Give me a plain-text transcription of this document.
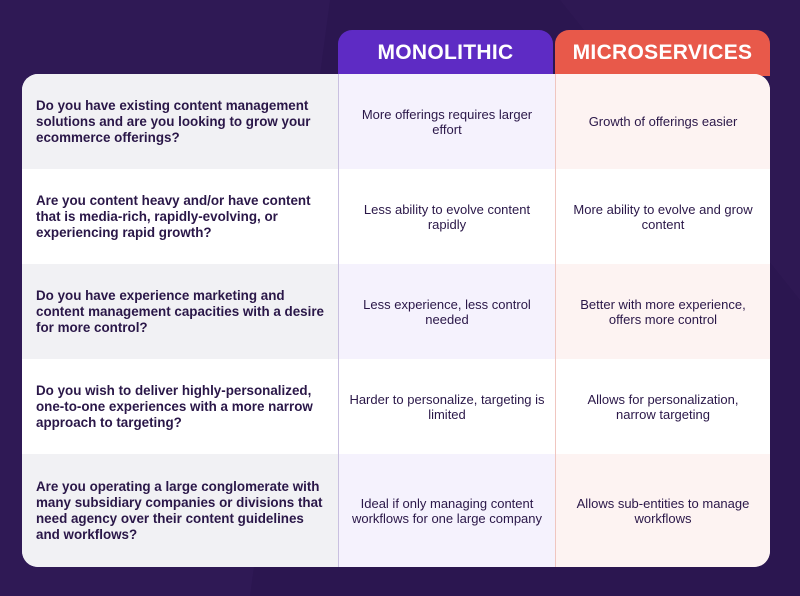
MONOLITHIC	MICROSERVICES
Do you have existing content management solutions and are you looking to grow your ecommerce offerings?
More offerings requires larger effort	Growth of offerings easier
Are you content heavy and/or have content that is media-rich, rapidly-evolving, or experiencing rapid growth?
Less ability to evolve content rapidly
More ability to evolve and grow content
Do you have experience marketing and content management capacities with a desire for more control?
Less experience, less control needed
Better with more experience, offers more control
Do you wish to deliver highly-personalized, one-to-one experiences with a more narrow approach to targeting?
Harder to personalize, targeting is limited
Allows for personalization, narrow targeting
Are you operating a large conglomerate with many subsidiary companies or divisions that need agency over their content guidelines and workflows?
Ideal if only managing content workflows for one large company
Allows sub-entities to manage workflows
